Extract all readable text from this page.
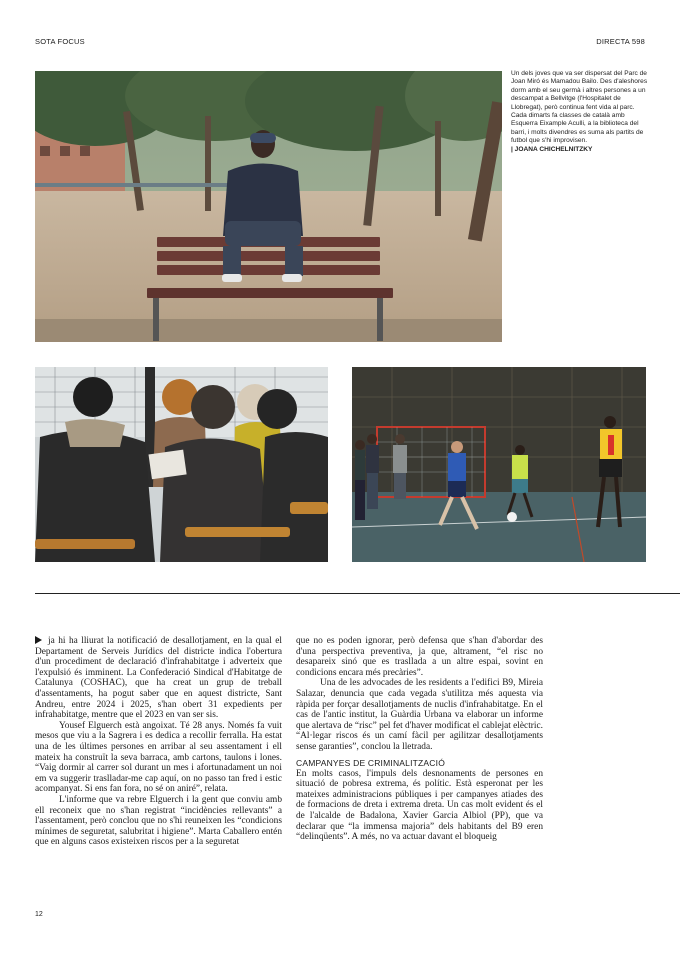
SOTA FOCUS	DIRECTA 598
Un dels joves que va ser dispersat del Parc de Joan Miró és Mamadou Bailo. Des d'aleshores dorm amb el seu germà i altres persones a un descampat a Bellvitge (l'Hospitalet de Llobregat), però continua fent vida al parc. Cada dimarts fa classes de català amb Esquerra Eixample Aculli, a la biblioteca del barri, i molts divendres es suma als partits de futbol que s'hi improvisen.
| JOANA CHICHELNITZKY

ja hi ha lliurat la notificació de desallotjament, en la qual el Departament de Serveis Jurídics del districte indica l'obertura d'un procediment de declaració d'infrahabitatge i adverteix que l'expulsió és imminent. La Confederació Sindical d'Habitatge de Catalunya (COSHAC), que ha creat un grup de treball d'assentaments, ha pogut saber que en aquest districte, Sant Andreu, entre 2024 i 2025, s'han obert 31 expedients per infrahabitatge, mentre que el 2023 en van ser sis.

Yousef Elguerch està angoixat. Té 28 anys. Només fa vuit mesos que viu a la Sagrera i es dedica a recollir ferralla. Ha estat una de les últimes persones en arribar al seu assentament i ell mateix ha construït la seva barraca, amb cartons, taulons i lones. “Vaig dormir al carrer sol durant un mes i afortunadament un noi em va suggerir traslladar-me cap aquí, on no passo tan fred i estic acompanyat. Si ens fan fora, no sé on aniré”, relata.

L'informe que va rebre Elguerch i la gent que conviu amb ell reconeix que no s'han registrat “incidències rellevants” a l'assentament, però conclou que no s'hi reuneixen les “condicions mínimes de seguretat, salubritat i higiene”. Marta Caballero entén que en alguns casos existeixen riscos per a la seguretat

que no es poden ignorar, però defensa que s'han d'abordar des d'una perspectiva preventiva, ja que, altrament, “el risc no desapareix sinó que es trasllada a un altre espai, sovint en condicions encara més precàries”.

Una de les advocades de les residents a l'edifici B9, Mireia Salazar, denuncia que cada vegada s'utilitza més aquesta via ràpida per forçar desallotjaments de nuclis d'infrahabitatge. En el cas de l'antic institut, la Guàrdia Urbana va elaborar un informe que alertava de “risc” pel fet d'haver modificat el cablejat elèctric. “Al·legar riscos és un camí fàcil per agilitzar desallotjaments sense garanties”, conclou la lletrada.

CAMPANYES DE CRIMINALITZACIÓ

En molts casos, l'impuls dels desnonaments de persones en situació de pobresa extrema, és polític. Està esperonat per les mateixes administracions públiques i per campanyes atiades des de formacions de dreta i extrema dreta. Un cas molt evident és el de l'alcalde de Badalona, Xavier Garcia Albiol (PP), que va declarar que “la immensa majoria” dels habitants del B9 eren “delinqüents”. A més, no va actuar davant el bloqueig

12
